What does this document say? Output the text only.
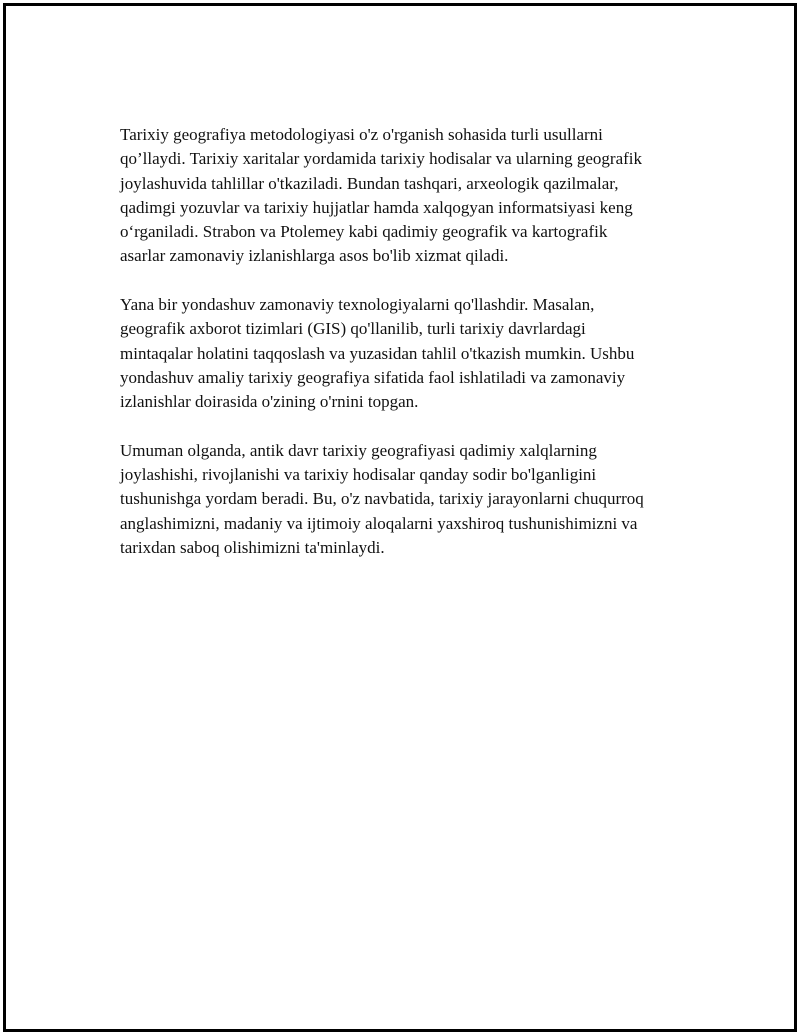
Tarixiy geografiya metodologiyasi o'z o'rganish sohasida turli usullarni
qo’llaydi. Tarixiy xaritalar yordamida tarixiy hodisalar va ularning geografik
joylashuvida tahlillar o'tkaziladi. Bundan tashqari, arxeologik qazilmalar,
qadimgi yozuvlar va tarixiy hujjatlar hamda xalqogyan informatsiyasi keng
o‘rganiladi. Strabon va Ptolemey kabi qadimiy geografik va kartografik
asarlar zamonaviy izlanishlarga asos bo'lib xizmat qiladi.

Yana bir yondashuv zamonaviy texnologiyalarni qo'llashdir. Masalan,
geografik axborot tizimlari (GIS) qo'llanilib, turli tarixiy davrlardagi
mintaqalar holatini taqqoslash va yuzasidan tahlil o'tkazish mumkin. Ushbu
yondashuv amaliy tarixiy geografiya sifatida faol ishlatiladi va zamonaviy
izlanishlar doirasida o'zining o'rnini topgan.

Umuman olganda, antik davr tarixiy geografiyasi qadimiy xalqlarning
joylashishi, rivojlanishi va tarixiy hodisalar qanday sodir bo'lganligini
tushunishga yordam beradi. Bu, o'z navbatida, tarixiy jarayonlarni chuqurroq
anglashimizni, madaniy va ijtimoiy aloqalarni yaxshiroq tushunishimizni va
tarixdan saboq olishimizni ta'minlaydi.
